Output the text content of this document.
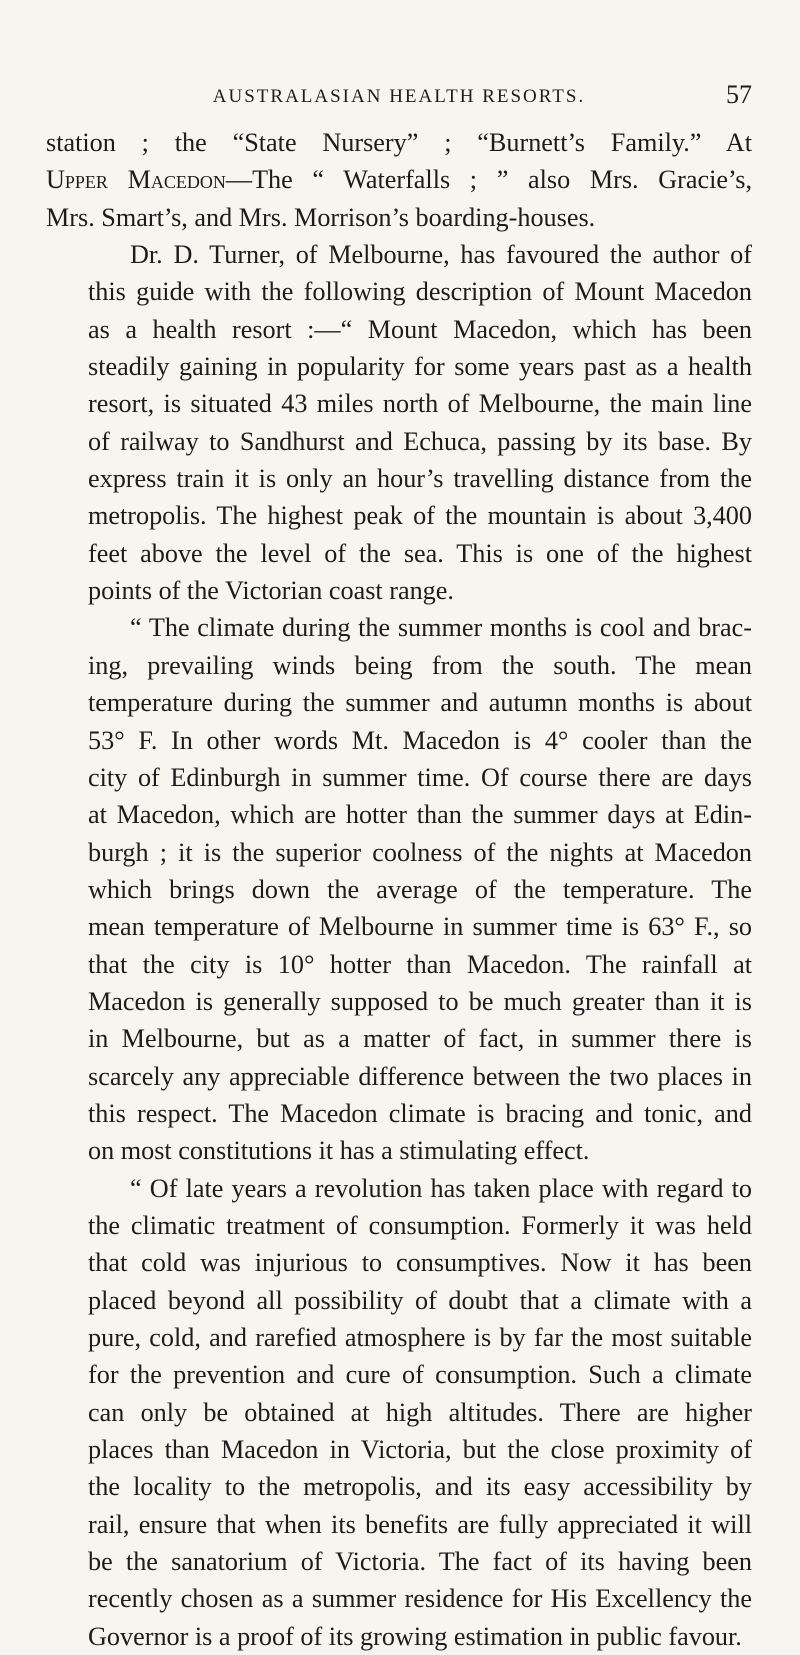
AUSTRALASIAN HEALTH RESORTS.	57

station ; the “State Nursery” ; “Burnett’s Family.” At
Upper Macedon—The “ Waterfalls ; ” also Mrs. Gracie’s,
Mrs. Smart’s, and Mrs. Morrison’s boarding-houses.

Dr. D. Turner, of Melbourne, has favoured the author of
this guide with the following description of Mount Macedon
as a health resort :—“ Mount Macedon, which has been
steadily gaining in popularity for some years past as a health
resort, is situated 43 miles north of Melbourne, the main line
of railway to Sandhurst and Echuca, passing by its base. By
express train it is only an hour’s travelling distance from the
metropolis. The highest peak of the mountain is about 3,400
feet above the level of the sea. This is one of the highest
points of the Victorian coast range.

“ The climate during the summer months is cool and brac-
ing, prevailing winds being from the south. The mean
temperature during the summer and autumn months is about
53° F. In other words Mt. Macedon is 4° cooler than the
city of Edinburgh in summer time. Of course there are days
at Macedon, which are hotter than the summer days at Edin-
burgh ; it is the superior coolness of the nights at Macedon
which brings down the average of the temperature. The
mean temperature of Melbourne in summer time is 63° F., so
that the city is 10° hotter than Macedon. The rainfall at
Macedon is generally supposed to be much greater than it is
in Melbourne, but as a matter of fact, in summer there is
scarcely any appreciable difference between the two places in
this respect. The Macedon climate is bracing and tonic, and
on most constitutions it has a stimulating effect.

“ Of late years a revolution has taken place with regard to
the climatic treatment of consumption. Formerly it was held
that cold was injurious to consumptives. Now it has been
placed beyond all possibility of doubt that a climate with a
pure, cold, and rarefied atmosphere is by far the most suitable
for the prevention and cure of consumption. Such a climate
can only be obtained at high altitudes. There are higher
places than Macedon in Victoria, but the close proximity of
the locality to the metropolis, and its easy accessibility by
rail, ensure that when its benefits are fully appreciated it will
be the sanatorium of Victoria. The fact of its having been
recently chosen as a summer residence for His Excellency the
Governor is a proof of its growing estimation in public favour.
